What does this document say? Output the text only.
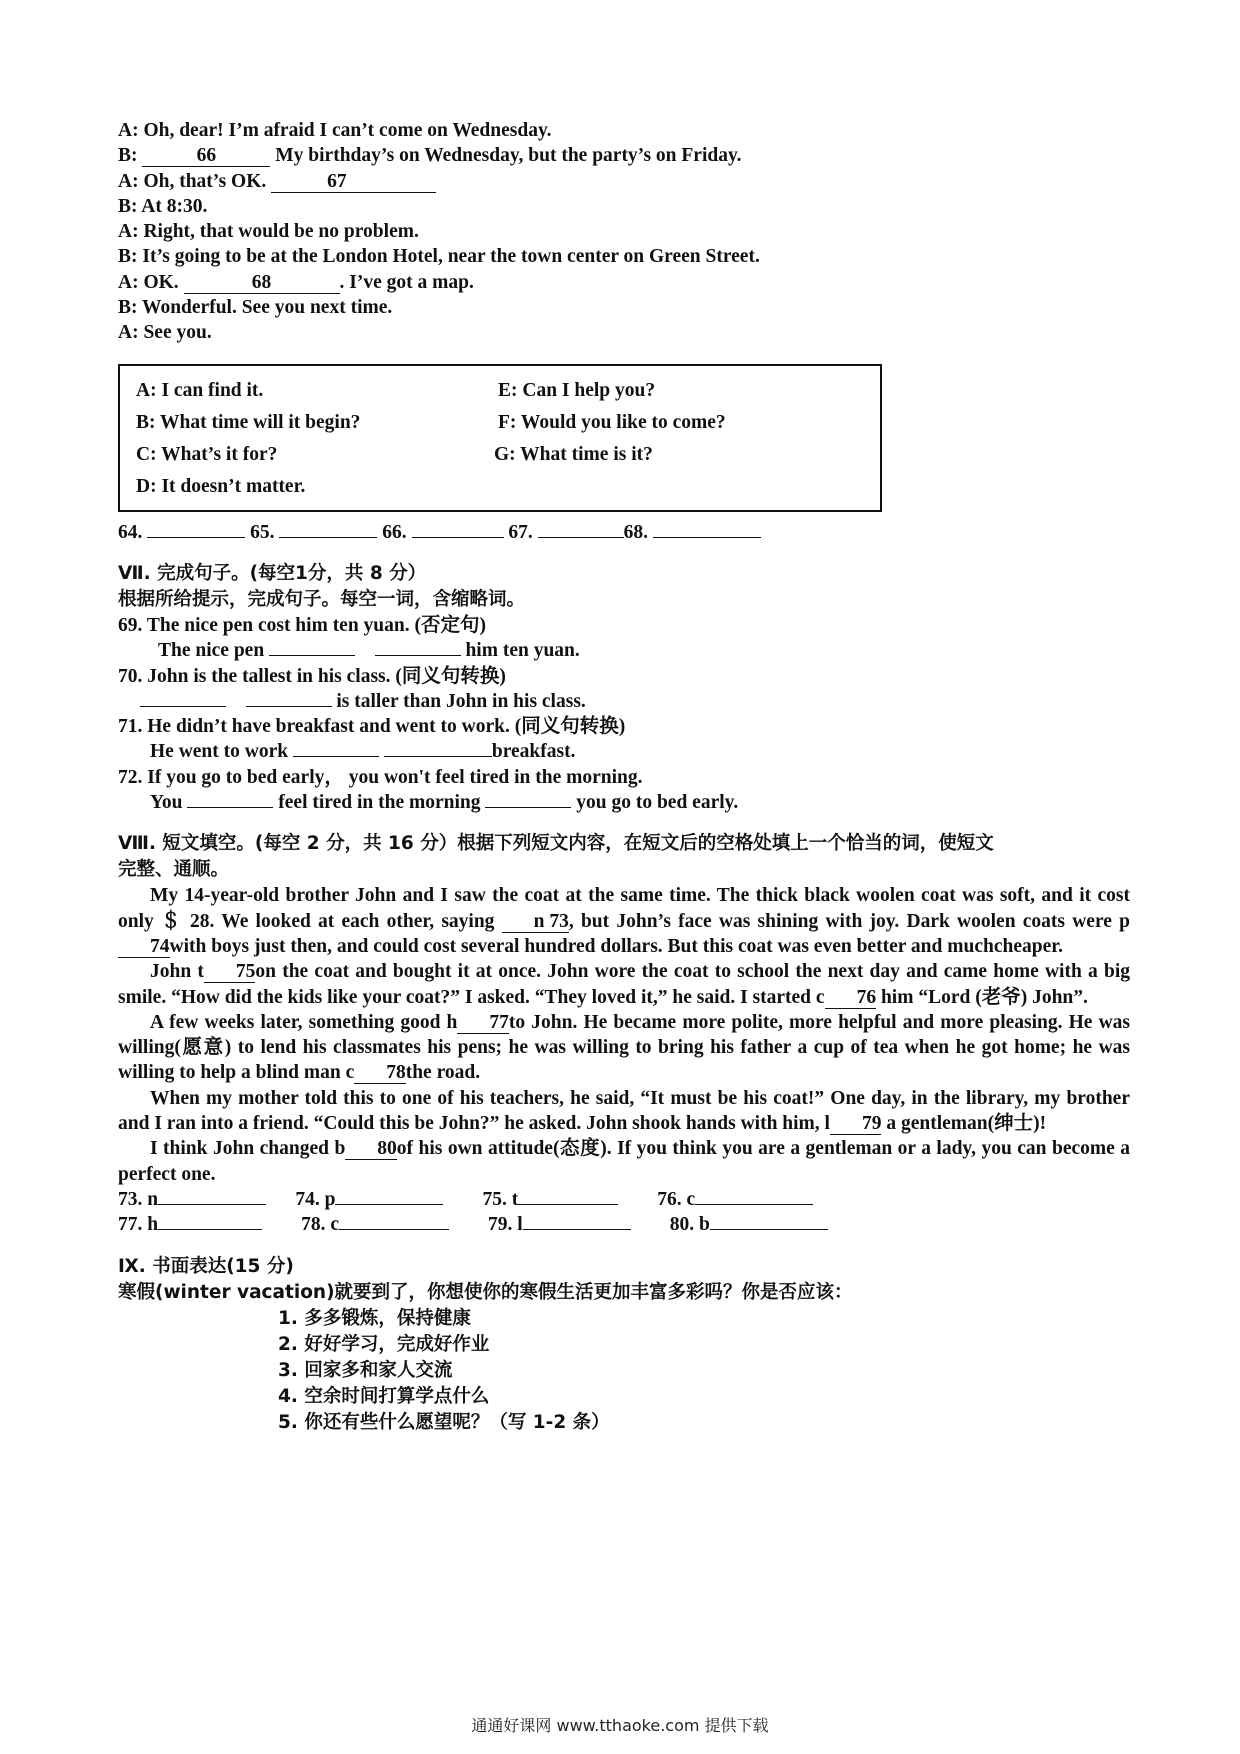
A: Oh, dear! I’m afraid I can’t come on Wednesday.
B:	66	My birthday’s on Wednesday, but the party’s on Friday.
A: Oh, that’s OK.	67
B: At 8:30.
A: Right, that would be no problem.
B: It’s going to be at the London Hotel, near the town center on Green Street.
A: OK.	68	. I’ve got a map.
B: Wonderful. See you next time.
A: See you.
A: I can find it.
B: What time will it begin?
C: What’s it for?
D: It doesn’t matter.
E: Can I help you?
F: Would you like to come?
G: What time is it?
64.	65.	66.	67.	68.
Ⅶ. 完成句子。(每空1分，共 8 分）
根据所给提示，完成句子。每空一词，含缩略词。
69. The nice pen cost him ten yuan. (否定句)
The nice pen	him ten yuan.
70. John is the tallest in his class. (同义句转换)
is taller than John in his class.
71. He didn’t have breakfast and went to work. (同义句转换)
He went to work	breakfast.
72. If you go to bed early， you won't feel tired in the morning.
You	feel tired in the morning	you go to bed early.
Ⅷ. 短文填空。(每空 2 分，共 16 分）根据下列短文内容，在短文后的空格处填上一个恰当的词，使短文
完整、通顺。
My 14-year-old brother John and I saw the coat at the same time. The thick black woolen coat was soft, and it cost only ＄ 28. We looked at each other, saying n 73, but John’s face was shining with joy. Dark woolen coats were p74with boys just then, and could cost several hundred dollars. But this coat was even better and muchcheaper.
John t75on the coat and bought it at once. John wore the coat to school the next day and came home with a big smile. “How did the kids like your coat?” I asked. “They loved it,” he said. I started c76 him “Lord (老爷) John”.
A few weeks later, something good h77to John. He became more polite, more helpful and more pleasing. He was willing(愿意) to lend his classmates his pens; he was willing to bring his father a cup of tea when he got home; he was willing to help a blind man c78the road.
When my mother told this to one of his teachers, he said, “It must be his coat!” One day, in the library, my brother and I ran into a friend. “Could this be John?” he asked. John shook hands with him, l79 a gentleman(绅士)!
I think John changed b80of his own attitude(态度). If you think you are a gentleman or a lady, you can become a perfect one.
73. n	74. p	75. t	76. c
77. h	78. c	79. l	80. b
Ⅸ. 书面表达(15 分)
寒假(winter vacation)就要到了，你想使你的寒假生活更加丰富多彩吗？你是否应该：
1. 多多锻炼，保持健康
2. 好好学习，完成好作业
3. 回家多和家人交流
4. 空余时间打算学点什么
5. 你还有些什么愿望呢？（写 1-2 条）
通通好课网 www.tthaoke.com 提供下载
